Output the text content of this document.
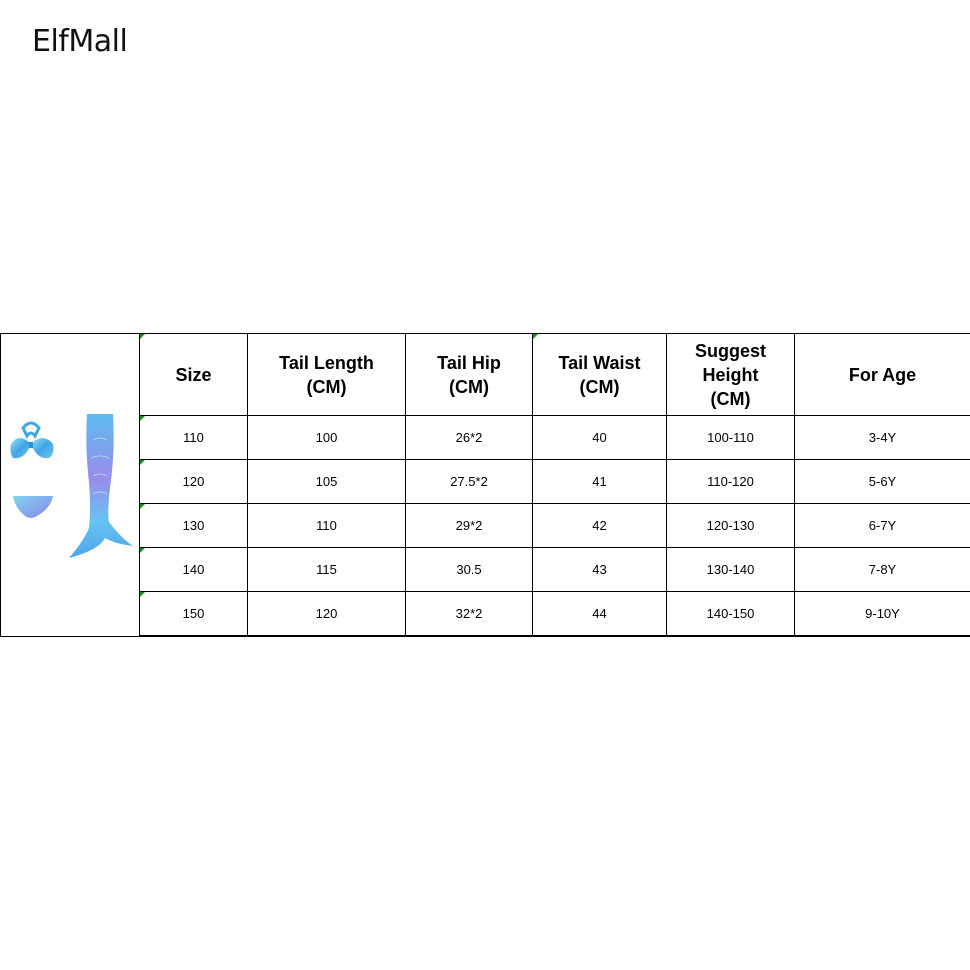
ElfMall
	Size	Tail Length (CM)	Tail Hip (CM)	Tail Waist (CM)	Suggest Height (CM)	For Age
	110	100	26*2	40	100-110	3-4Y
	120	105	27.5*2	41	110-120	5-6Y
	130	110	29*2	42	120-130	6-7Y
	140	115	30.5	43	130-140	7-8Y
	150	120	32*2	44	140-150	9-10Y
